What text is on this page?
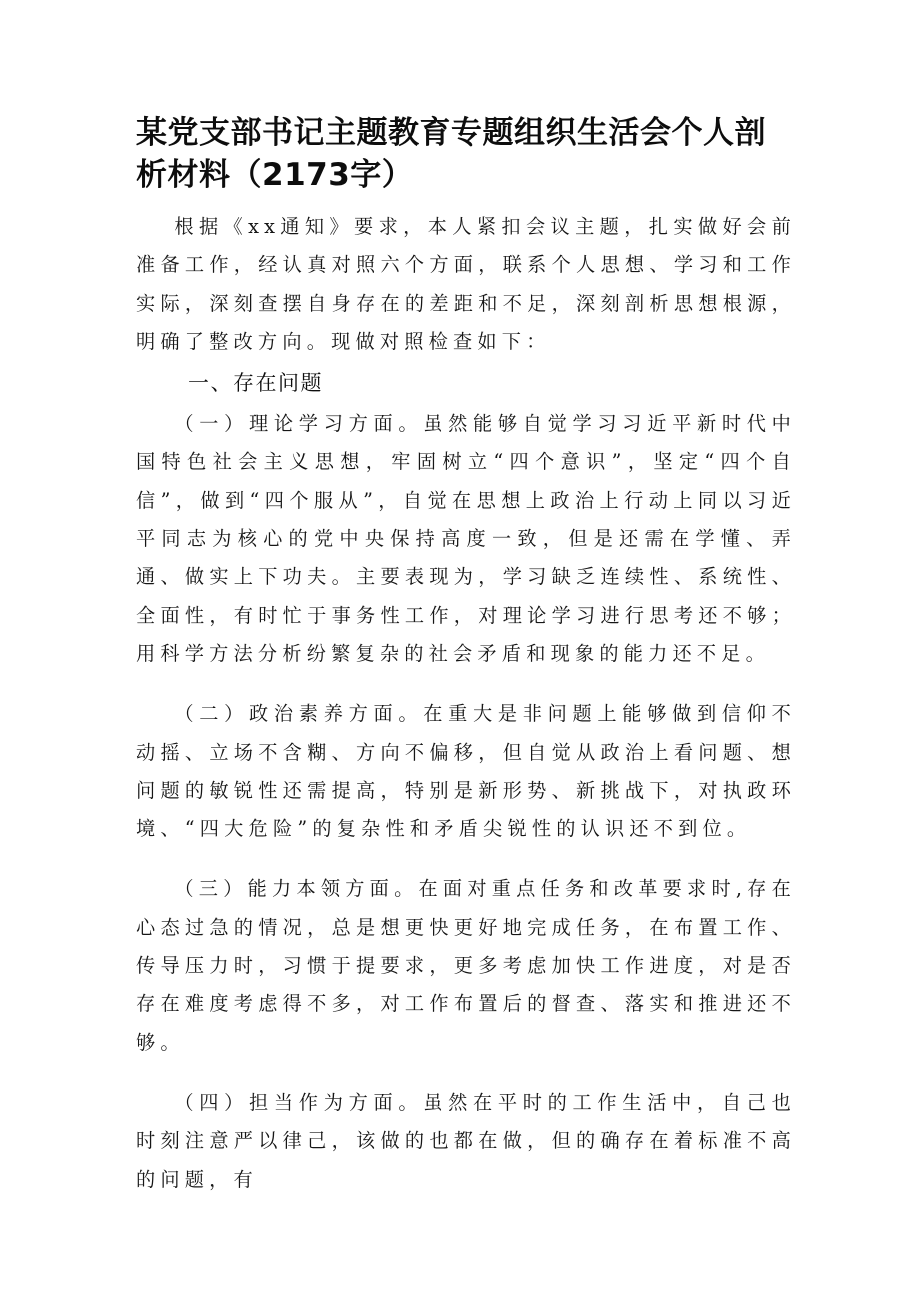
某党支部书记主题教育专题组织生活会个人剖析材料（2173字）

根据《xx通知》要求，本人紧扣会议主题，扎实做好会前准备工作，经认真对照六个方面，联系个人思想、学习和工作实际，深刻查摆自身存在的差距和不足，深刻剖析思想根源，明确了整改方向。现做对照检查如下：

一、存在问题

（一）理论学习方面。虽然能够自觉学习习近平新时代中国特色社会主义思想，牢固树立“四个意识”，坚定“四个自信”，做到“四个服从”，自觉在思想上政治上行动上同以习近平同志为核心的党中央保持高度一致，但是还需在学懂、弄通、做实上下功夫。主要表现为，学习缺乏连续性、系统性、全面性，有时忙于事务性工作，对理论学习进行思考还不够；用科学方法分析纷繁复杂的社会矛盾和现象的能力还不足。

（二）政治素养方面。在重大是非问题上能够做到信仰不动摇、立场不含糊、方向不偏移，但自觉从政治上看问题、想问题的敏锐性还需提高，特别是新形势、新挑战下，对执政环境、“四大危险”的复杂性和矛盾尖锐性的认识还不到位。

（三）能力本领方面。在面对重点任务和改革要求时,存在心态过急的情况，总是想更快更好地完成任务，在布置工作、传导压力时，习惯于提要求，更多考虑加快工作进度，对是否存在难度考虑得不多，对工作布置后的督查、落实和推进还不够。

（四）担当作为方面。虽然在平时的工作生活中，自己也时刻注意严以律己，该做的也都在做，但的确存在着标准不高的问题，有
